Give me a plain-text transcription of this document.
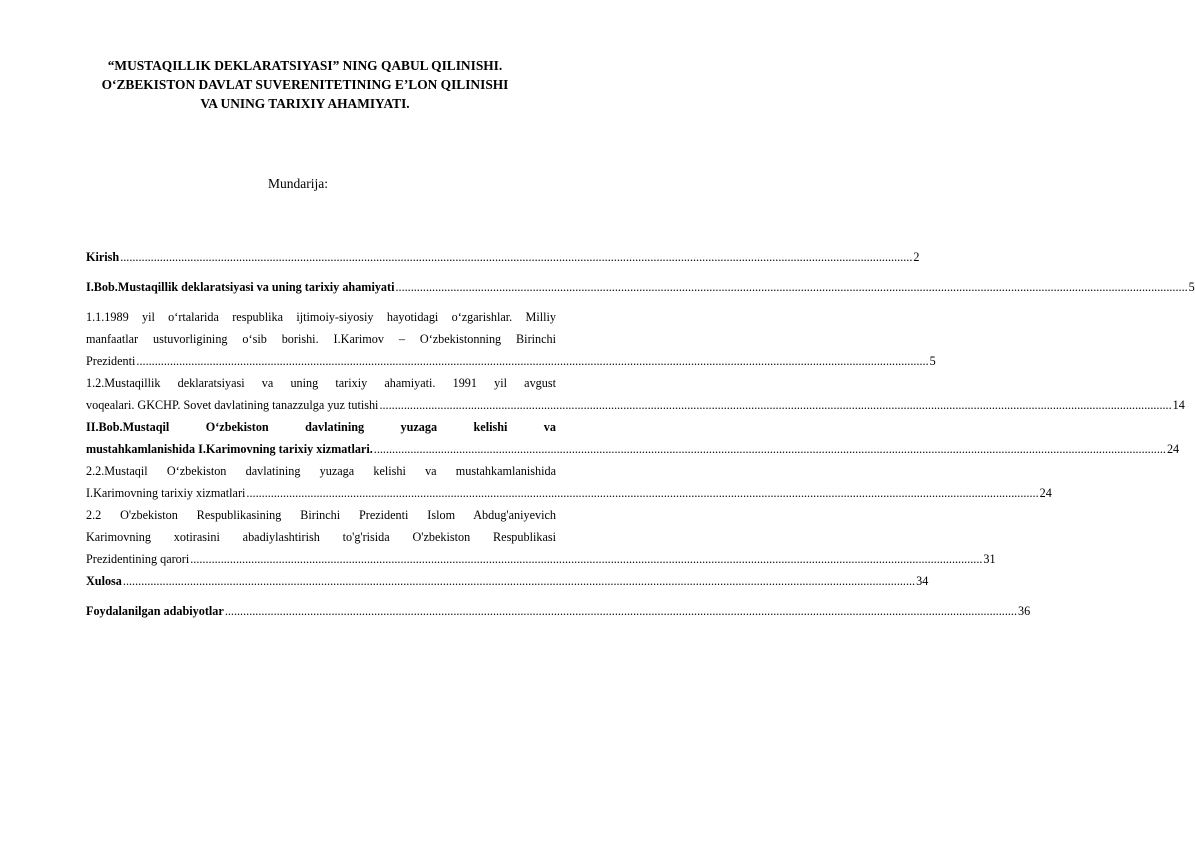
“MUSTAQILLIK DEKLARATSIYASI” NING QABUL QILINISHI.
O‘ZBEKISTON DAVLAT SUVERENITETINING E’LON QILINISHI
VA UNING TARIXIY AHAMIYATI.
Mundarija:
Kirish .................................................................................................................................................................................................................................................................... 2
I.Bob.Mustaqillik deklaratsiyasi va uning tarixiy ahamiyati .................................................................................................................................................................................................................................................................... 5
1.1.1989 yil o‘rtalarida respublika ijtimoiy-siyosiy hayotidagi o‘zgarishlar. Milliy
manfaatlar ustuvorligining o‘sib borishi. I.Karimov – O‘zbekistonning Birinchi
Prezidenti .................................................................................................................................................................................................................................................................... 5
1.2.Mustaqillik deklaratsiyasi va uning tarixiy ahamiyati. 1991 yil avgust
voqealari. GKCHP. Sovet davlatining tanazzulga yuz tutishi .................................................................................................................................................................................................................................................................... 14
II.Bob.Mustaqil O‘zbekiston davlatining yuzaga kelishi va
mustahkamlanishida I.Karimovning tarixiy xizmatlari. .................................................................................................................................................................................................................................................................... 24
2.2.Mustaqil O‘zbekiston davlatining yuzaga kelishi va mustahkamlanishida
I.Karimovning tarixiy xizmatlari .................................................................................................................................................................................................................................................................... 24
2.2 O'zbekiston Respublikasining Birinchi Prezidenti Islom Abdug'aniyevich
Karimovning xotirasini abadiylashtirish to'g'risida O'zbekiston Respublikasi
Prezidentining qarori .................................................................................................................................................................................................................................................................... 31
Xulosa .................................................................................................................................................................................................................................................................... 34
Foydalanilgan adabiyotlar .................................................................................................................................................................................................................................................................... 36
